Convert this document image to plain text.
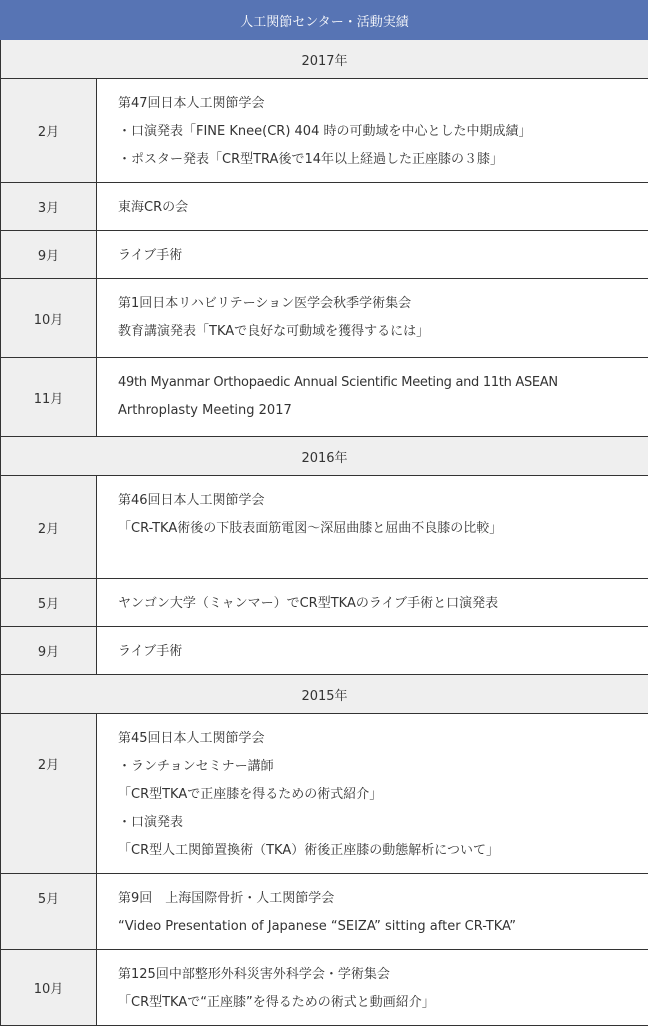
人工関節センター・活動実績	
2017年	
2月	第47回日本人工関節学会
・口演発表「FINE Knee(CR) 404 時の可動域を中心とした中期成績」
・ポスター発表「CR型TRA後で14年以上経過した正座膝の３膝」

3月	東海CRの会

9月	ライブ手術

10月	第1回日本リハビリテーション医学会秋季学術集会
教育講演発表「TKAで良好な可動域を獲得するには」

11月	49th Myanmar Orthopaedic Annual Scientific Meeting and 11th ASEAN
Arthroplasty Meeting 2017

2016年	
2月	第46回日本人工関節学会
「CR-TKA術後の下肢表面筋電図〜深屈曲膝と屈曲不良膝の比較」

5月	ヤンゴン大学（ミャンマー）でCR型TKAのライブ手術と口演発表

9月	ライブ手術

2015年	
2月	第45回日本人工関節学会
・ランチョンセミナー講師
「CR型TKAで正座膝を得るための術式紹介」
・口演発表
「CR型人工関節置換術（TKA）術後正座膝の動態解析について」

5月	第9回　上海国際骨折・人工関節学会
“Video Presentation of Japanese “SEIZA” sitting after CR-TKA”

10月	第125回中部整形外科災害外科学会・学術集会
「CR型TKAで“正座膝”を得るための術式と動画紹介」
